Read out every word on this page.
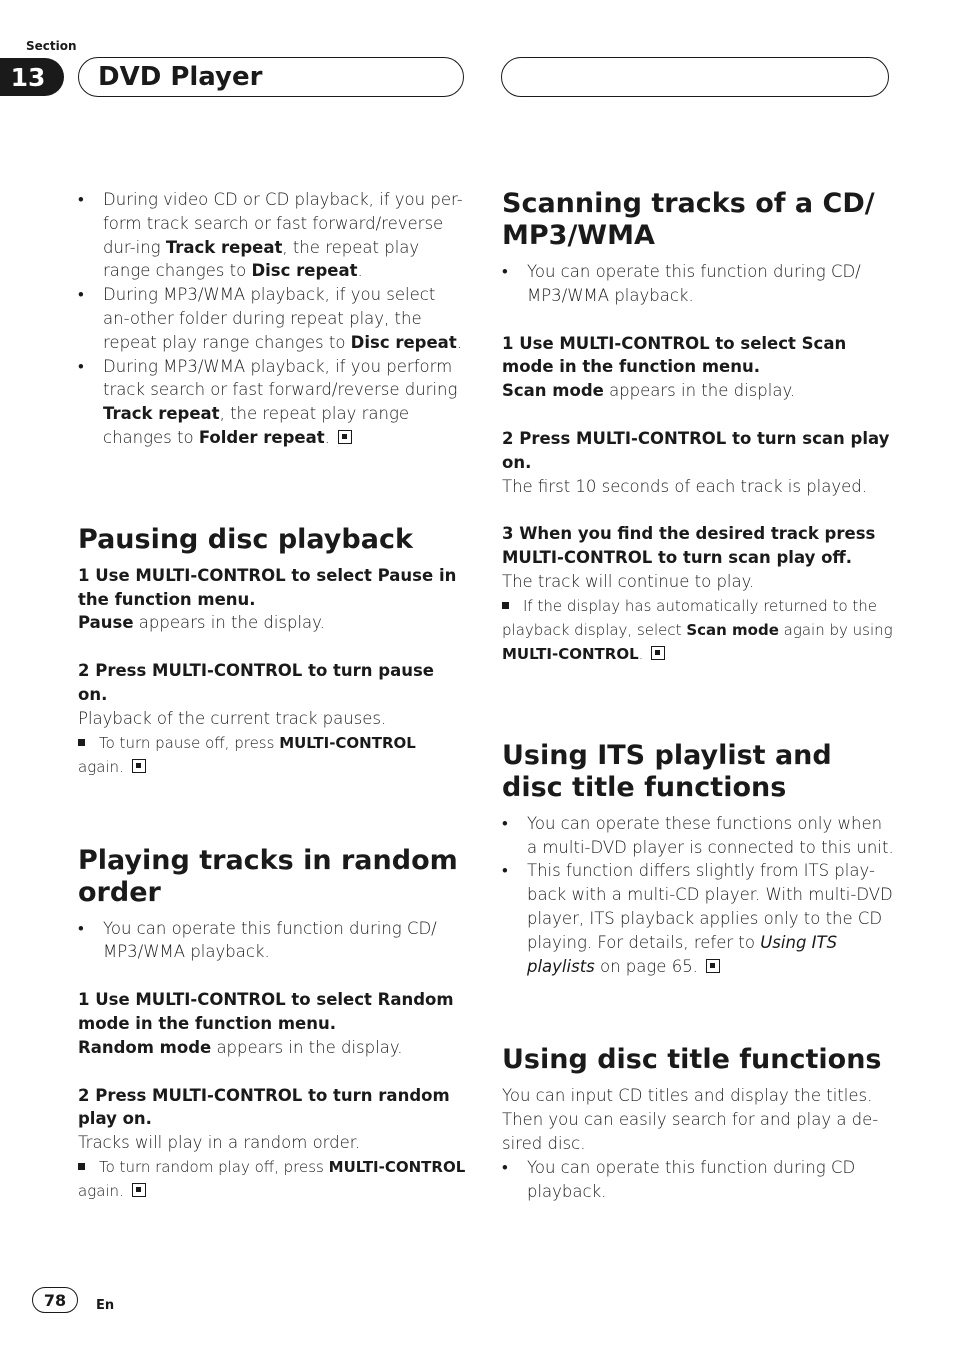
Section
13	DVD Player
• During video CD or CD playback, if you per-form track search or fast forward/reverse dur-ing Track repeat, the repeat play range changes to Disc repeat.
• During MP3/WMA playback, if you select an-other folder during repeat play, the repeat play range changes to Disc repeat.
• During MP3/WMA playback, if you perform track search or fast forward/reverse during Track repeat, the repeat play range changes to Folder repeat.
Pausing disc playback
1 Use MULTI-CONTROL to select Pause in the function menu.
Pause appears in the display.
2 Press MULTI-CONTROL to turn pause on.
Playback of the current track pauses.
To turn pause off, press MULTI-CONTROL again.
Playing tracks in random order
• You can operate this function during CD/ MP3/WMA playback.
1 Use MULTI-CONTROL to select Random mode in the function menu.
Random mode appears in the display.
2 Press MULTI-CONTROL to turn random play on.
Tracks will play in a random order.
To turn random play off, press MULTI-CONTROL again.
Scanning tracks of a CD/ MP3/WMA
• You can operate this function during CD/ MP3/WMA playback.
1 Use MULTI-CONTROL to select Scan mode in the function menu.
Scan mode appears in the display.
2 Press MULTI-CONTROL to turn scan play on.
The first 10 seconds of each track is played.
3 When you find the desired track press MULTI-CONTROL to turn scan play off.
The track will continue to play.
If the display has automatically returned to the playback display, select Scan mode again by using MULTI-CONTROL.
Using ITS playlist and disc title functions
• You can operate these functions only when a multi-DVD player is connected to this unit.
• This function differs slightly from ITS play-back with a multi-CD player. With multi-DVD player, ITS playback applies only to the CD playing. For details, refer to Using ITS playlists on page 65.
Using disc title functions
You can input CD titles and display the titles. Then you can easily search for and play a de-sired disc.
• You can operate this function during CD playback.
78	En
